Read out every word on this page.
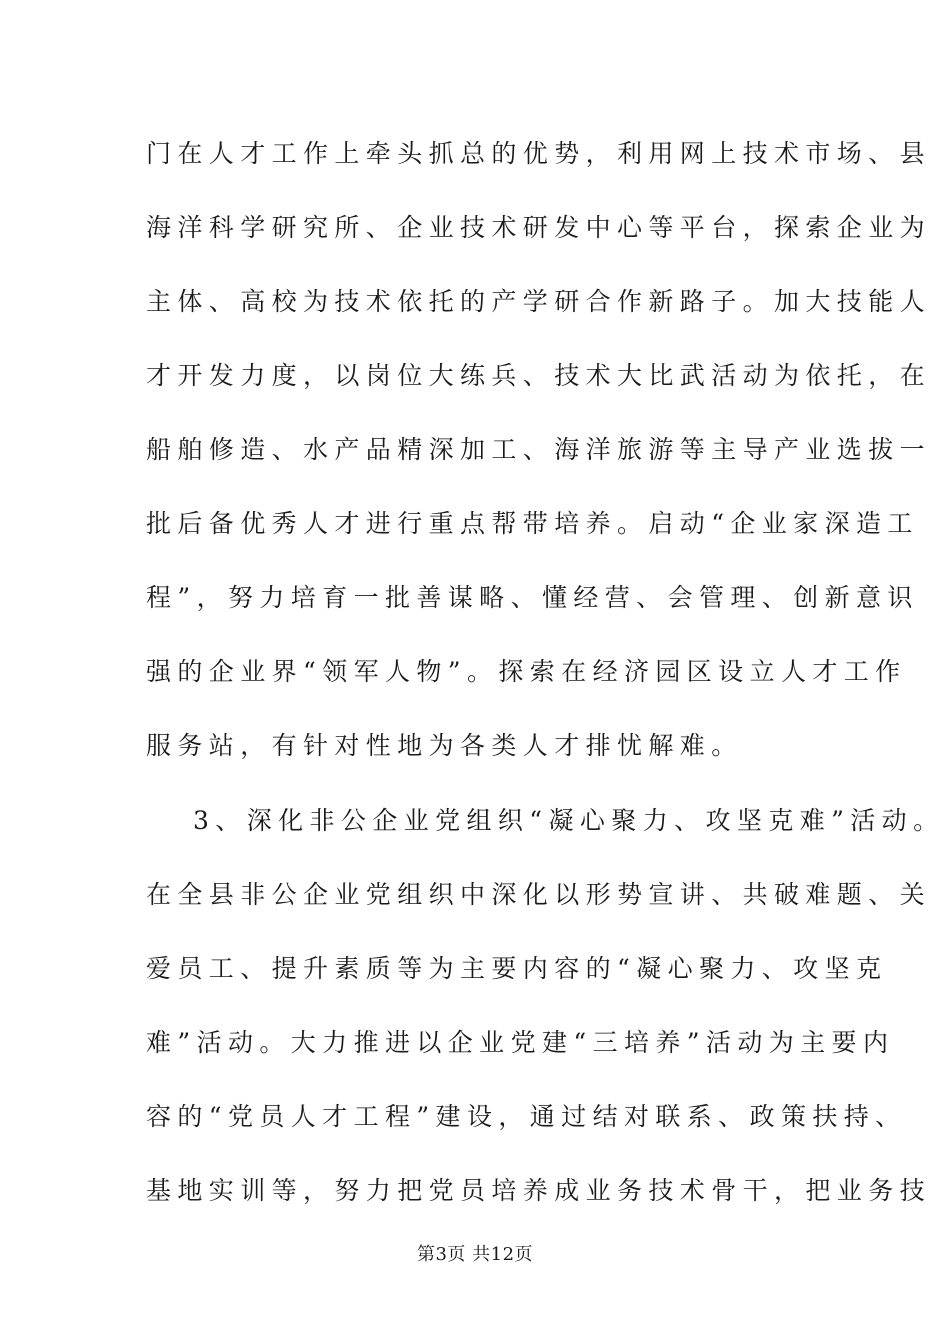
门在人才工作上牵头抓总的优势，利用网上技术市场、县
海洋科学研究所、企业技术研发中心等平台，探索企业为
主体、高校为技术依托的产学研合作新路子。加大技能人
才开发力度，以岗位大练兵、技术大比武活动为依托，在
船舶修造、水产品精深加工、海洋旅游等主导产业选拔一
批后备优秀人才进行重点帮带培养。启动“企业家深造工
程”，努力培育一批善谋略、懂经营、会管理、创新意识
强的企业界“领军人物”。探索在经济园区设立人才工作
服务站，有针对性地为各类人才排忧解难。
3、深化非公企业党组织“凝心聚力、攻坚克难”活动。
在全县非公企业党组织中深化以形势宣讲、共破难题、关
爱员工、提升素质等为主要内容的“凝心聚力、攻坚克
难”活动。大力推进以企业党建“三培养”活动为主要内
容的“党员人才工程”建设，通过结对联系、政策扶持、
基地实训等，努力把党员培养成业务技术骨干，把业务技
第3页 共12页
